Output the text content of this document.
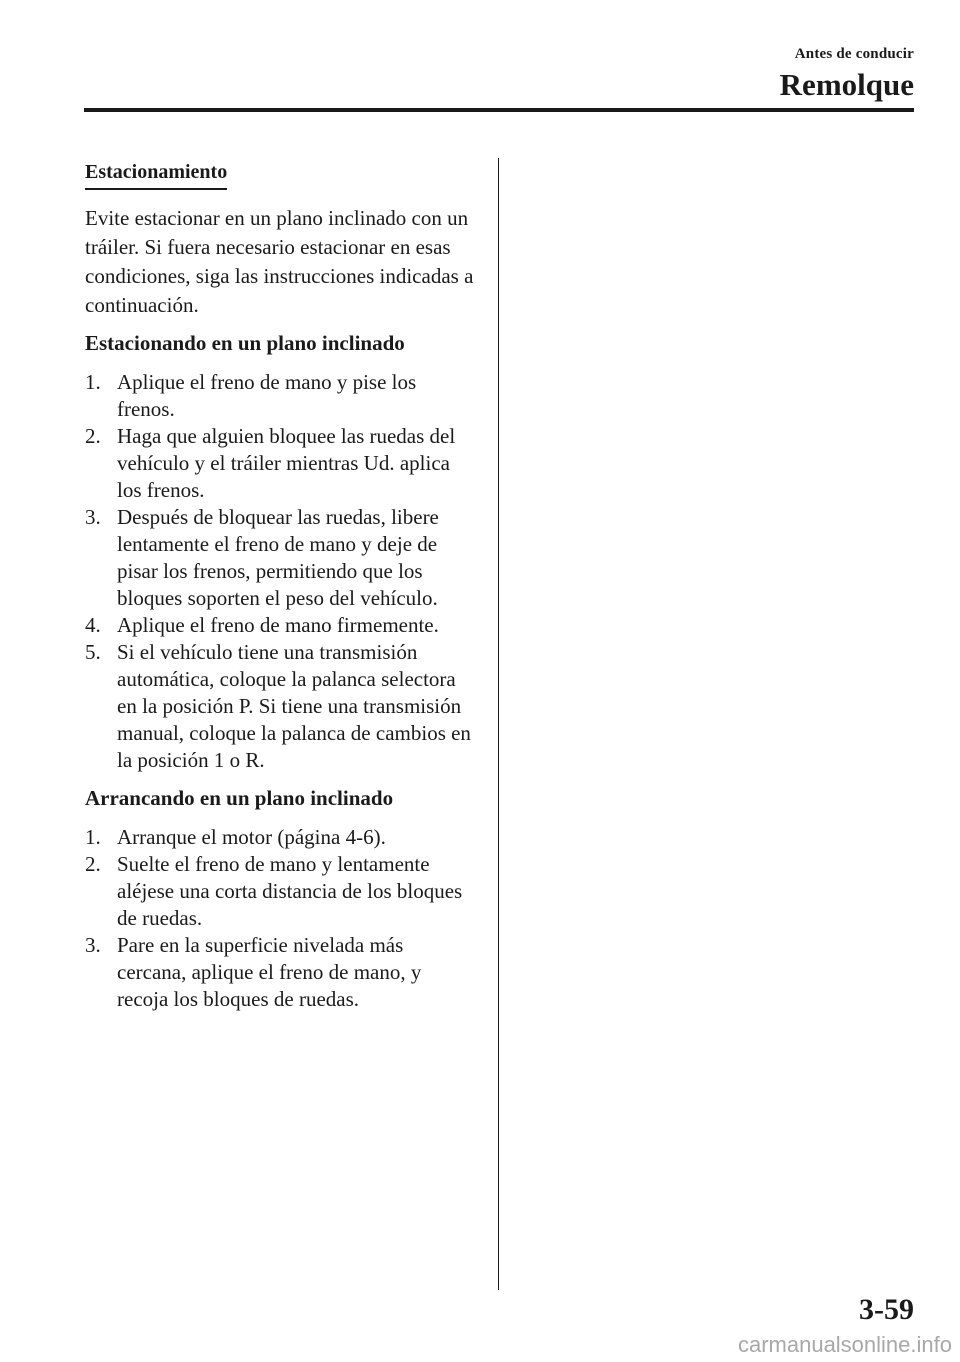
Antes de conducir
Remolque
Estacionamiento

Evite estacionar en un plano inclinado con un tráiler. Si fuera necesario estacionar en esas condiciones, siga las instrucciones indicadas a continuación.

Estacionando en un plano inclinado

1. Aplique el freno de mano y pise los frenos.
2. Haga que alguien bloquee las ruedas del vehículo y el tráiler mientras Ud. aplica los frenos.
3. Después de bloquear las ruedas, libere lentamente el freno de mano y deje de pisar los frenos, permitiendo que los bloques soporten el peso del vehículo.
4. Aplique el freno de mano firmemente.
5. Si el vehículo tiene una transmisión automática, coloque la palanca selectora en la posición P. Si tiene una transmisión manual, coloque la palanca de cambios en la posición 1 o R.

Arrancando en un plano inclinado

1. Arranque el motor (página 4-6).
2. Suelte el freno de mano y lentamente aléjese una corta distancia de los bloques de ruedas.
3. Pare en la superficie nivelada más cercana, aplique el freno de mano, y recoja los bloques de ruedas.
3-59
carmanualsonline.info
